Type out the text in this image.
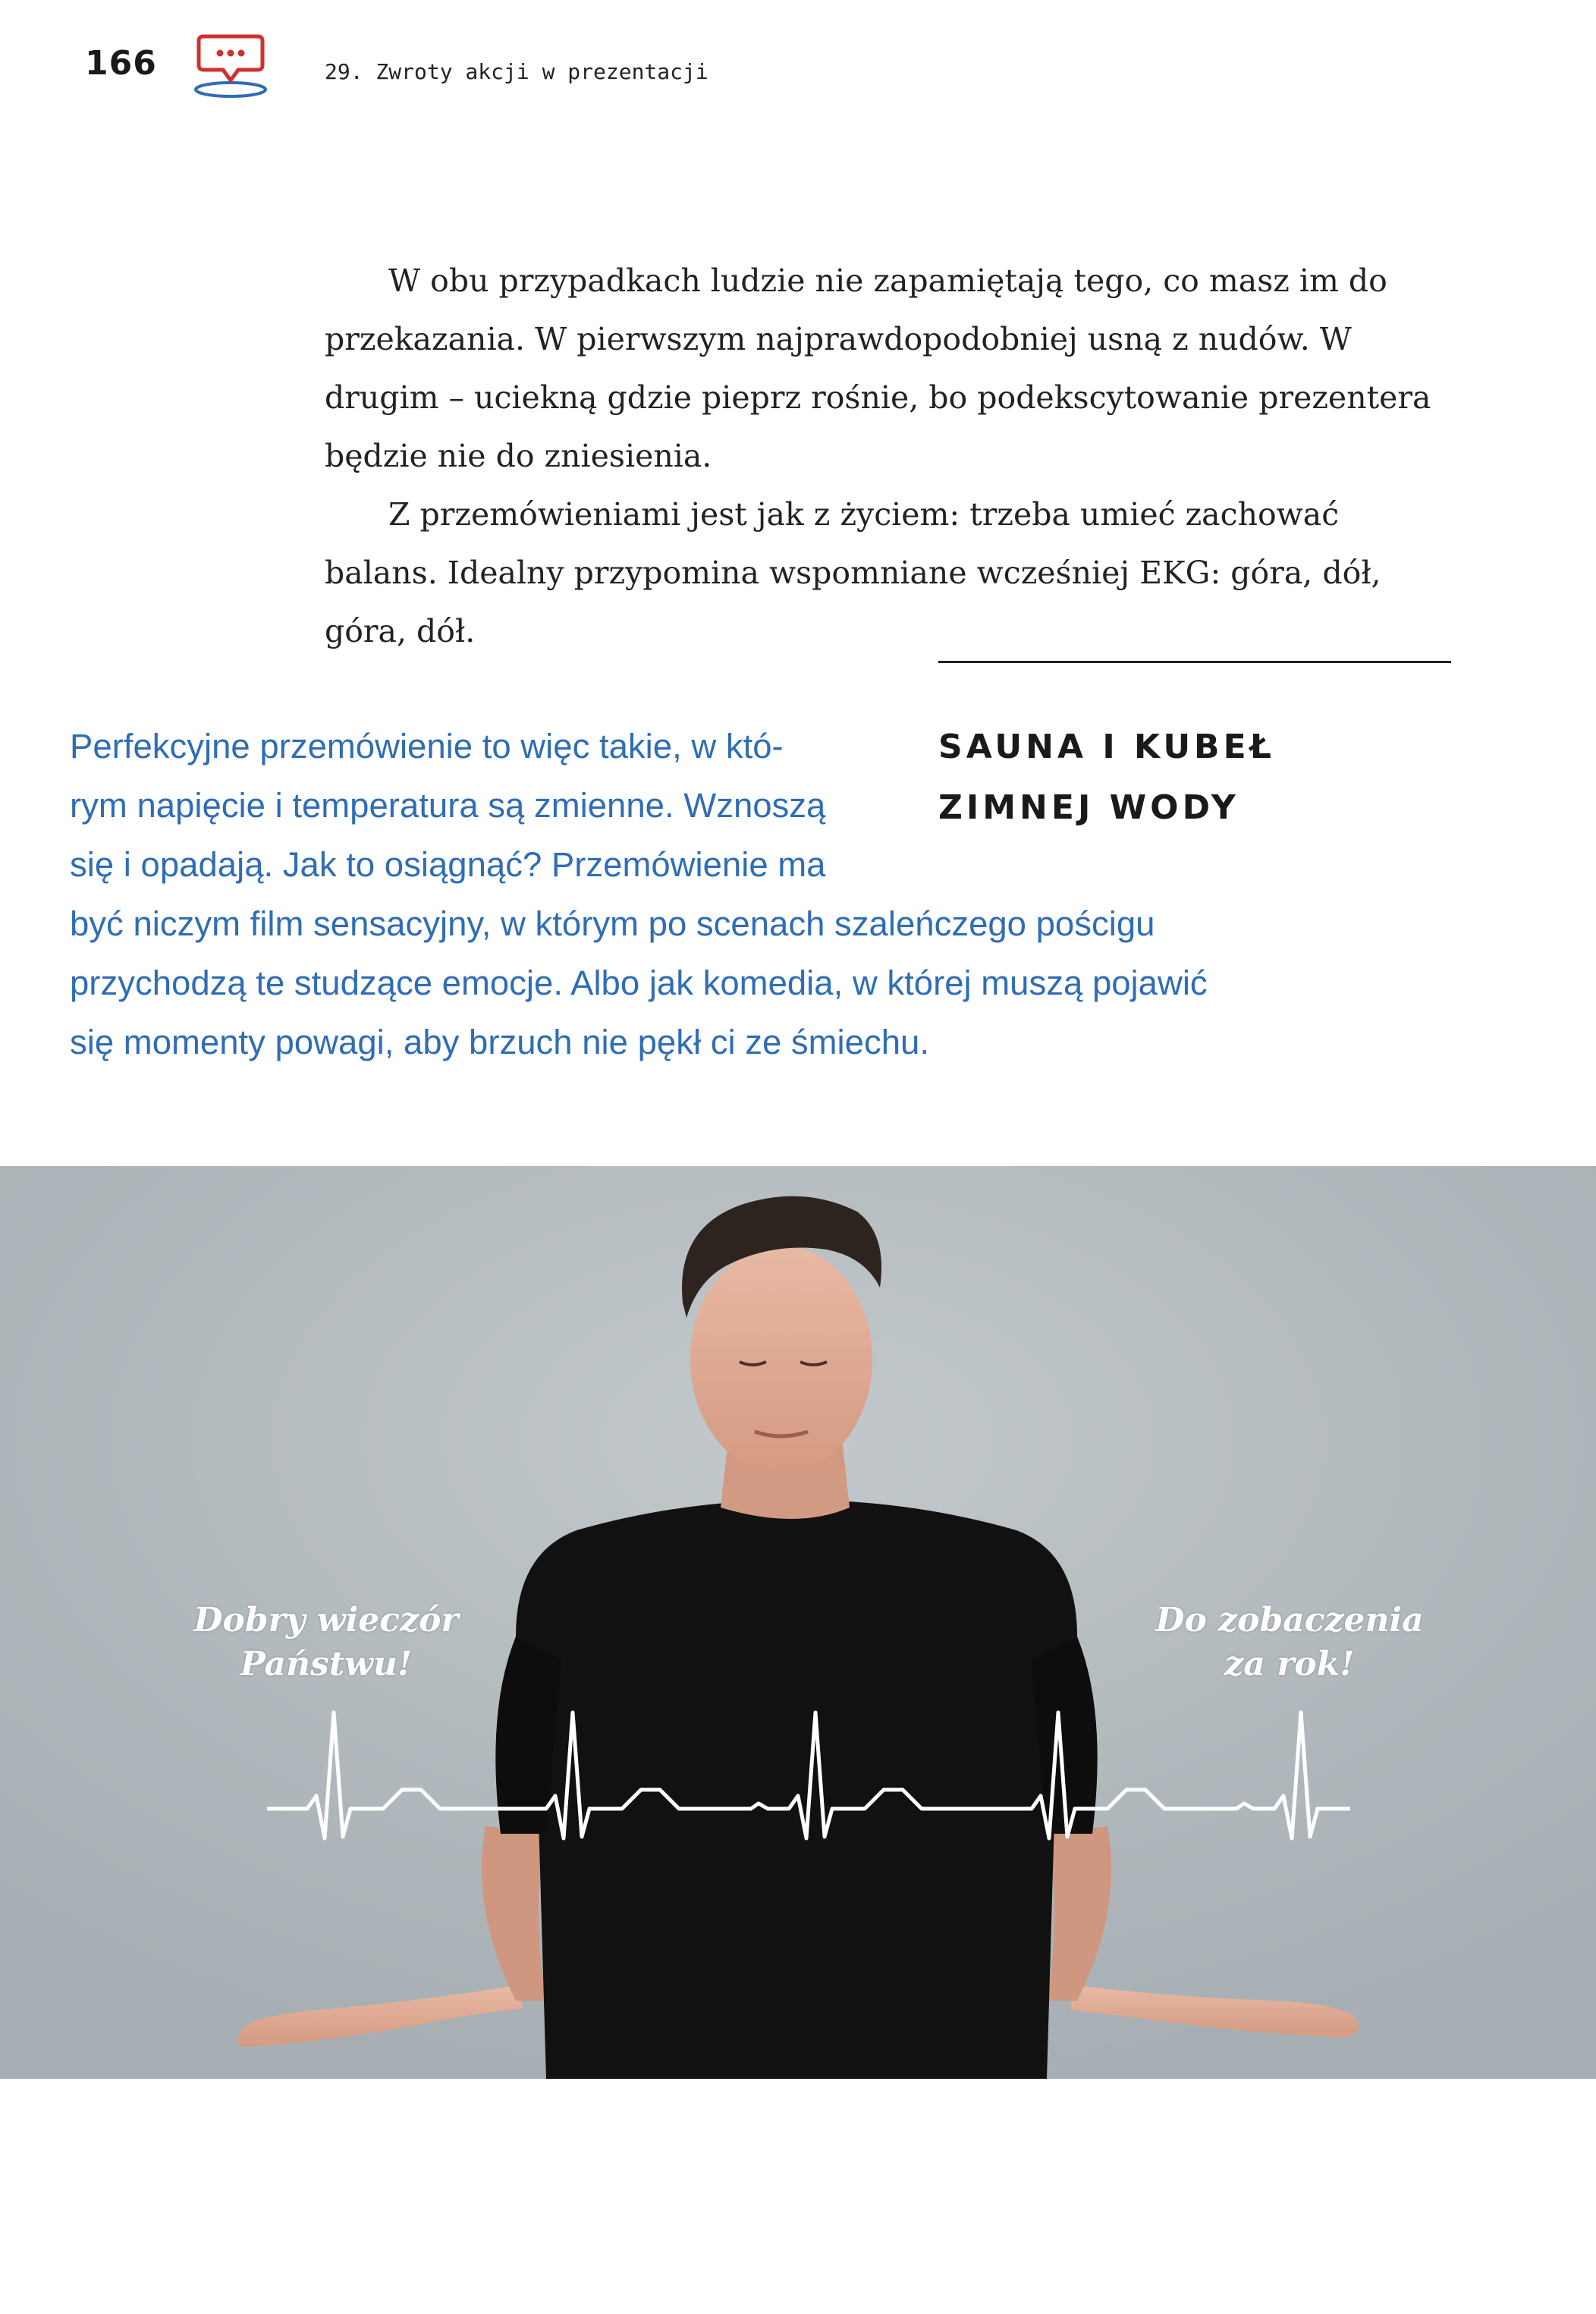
166	29. Zwroty akcji w prezentacji

W obu przypadkach ludzie nie zapamiętają tego, co masz im do przekazania. W pierwszym najprawdopodobniej usną z nudów. W drugim – uciekną gdzie pieprz rośnie, bo podekscytowanie prezentera będzie nie do zniesienia.

Z przemówieniami jest jak z życiem: trzeba umieć zachować balans. Idealny przypomina wspomniane wcześniej EKG: góra, dół, góra, dół.

SAUNA I KUBEŁ
ZIMNEJ WODY
Perfekcyjne przemówienie to więc takie, w któ-
rym napięcie i temperatura są zmienne. Wznoszą
się i opadają. Jak to osiągnąć? Przemówienie ma
być niczym film sensacyjny, w którym po scenach szaleńczego pościgu
przychodzą te studzące emocje. Albo jak komedia, w której muszą pojawić
się momenty powagi, aby brzuch nie pękł ci ze śmiechu.
Dobry wieczór
Państwu!
Do zobaczenia
za rok!
